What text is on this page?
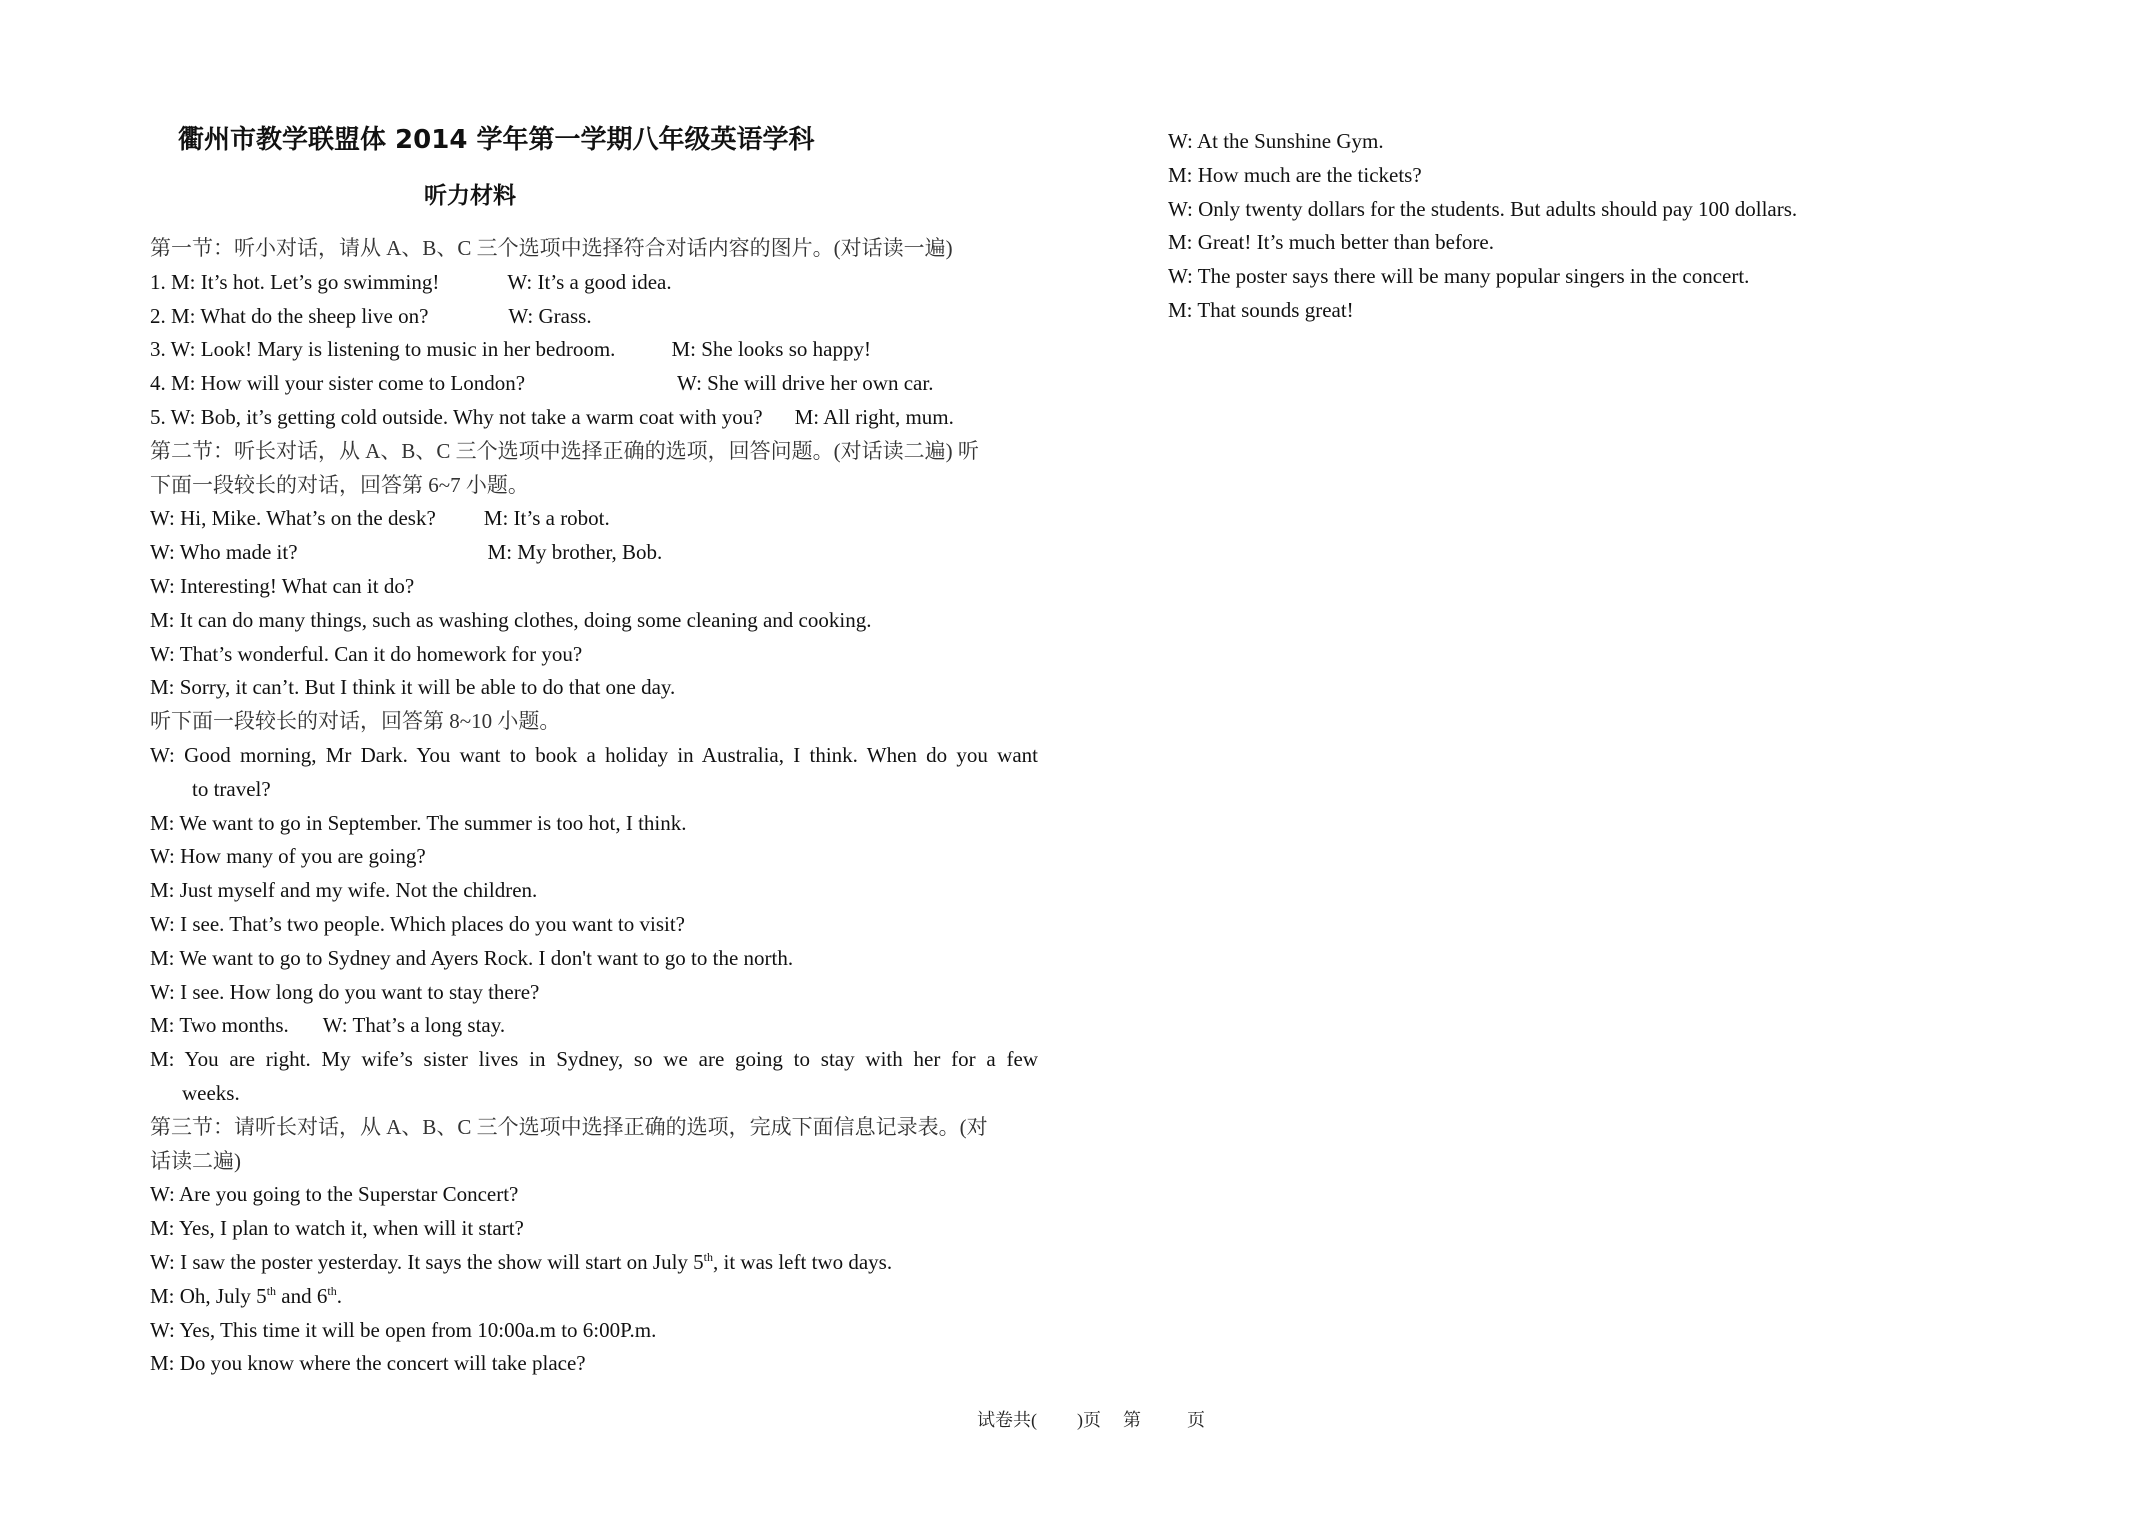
衢州市教学联盟体 2014 学年第一学期八年级英语学科
听力材料
第一节：听小对话，请从 A、B、C 三个选项中选择符合对话内容的图片。(对话读一遍)
1. M: It’s hot. Let’s go swimming!	W: It’s a good idea.
2. M: What do the sheep live on?	W: Grass.
3. W: Look! Mary is listening to music in her bedroom.	M: She looks so happy!
4. M: How will your sister come to London?	W: She will drive her own car.
5. W: Bob, it’s getting cold outside. Why not take a warm coat with you? M: All right, mum.
第二节：听长对话，从 A、B、C 三个选项中选择正确的选项，回答问题。(对话读二遍) 听
下面一段较长的对话，回答第 6~7 小题。
W: Hi, Mike. What’s on the desk? M: It’s a robot.
W: Who made it?	M: My brother, Bob.
W: Interesting! What can it do?
M: It can do many things, such as washing clothes, doing some cleaning and cooking.
W: That’s wonderful. Can it do homework for you?
M: Sorry, it can’t. But I think it will be able to do that one day.
听下面一段较长的对话，回答第 8~10 小题。
W: Good morning, Mr Dark. You want to book a holiday in Australia, I think. When do you want
to travel?
M: We want to go in September. The summer is too hot, I think.
W: How many of you are going?
M: Just myself and my wife. Not the children.
W: I see. That’s two people. Which places do you want to visit?
M: We want to go to Sydney and Ayers Rock. I don't want to go to the north.
W: I see. How long do you want to stay there?
M: Two months. W: That’s a long stay.
M: You are right. My wife’s sister lives in Sydney, so we are going to stay with her for a few
weeks.
第三节：请听长对话，从 A、B、C 三个选项中选择正确的选项，完成下面信息记录表。(对
话读二遍)
W: Are you going to the Superstar Concert?
M: Yes, I plan to watch it, when will it start?
W: I saw the poster yesterday. It says the show will start on July 5th, it was left two days.
M: Oh, July 5th and 6th.
W: Yes, This time it will be open from 10:00a.m to 6:00P.m.
M: Do you know where the concert will take place?
W: At the Sunshine Gym.
M: How much are the tickets?
W: Only twenty dollars for the students. But adults should pay 100 dollars.
M: Great! It’s much better than before.
W: The poster says there will be many popular singers in the concert.
M: That sounds great!
试卷共( )页 第	页
